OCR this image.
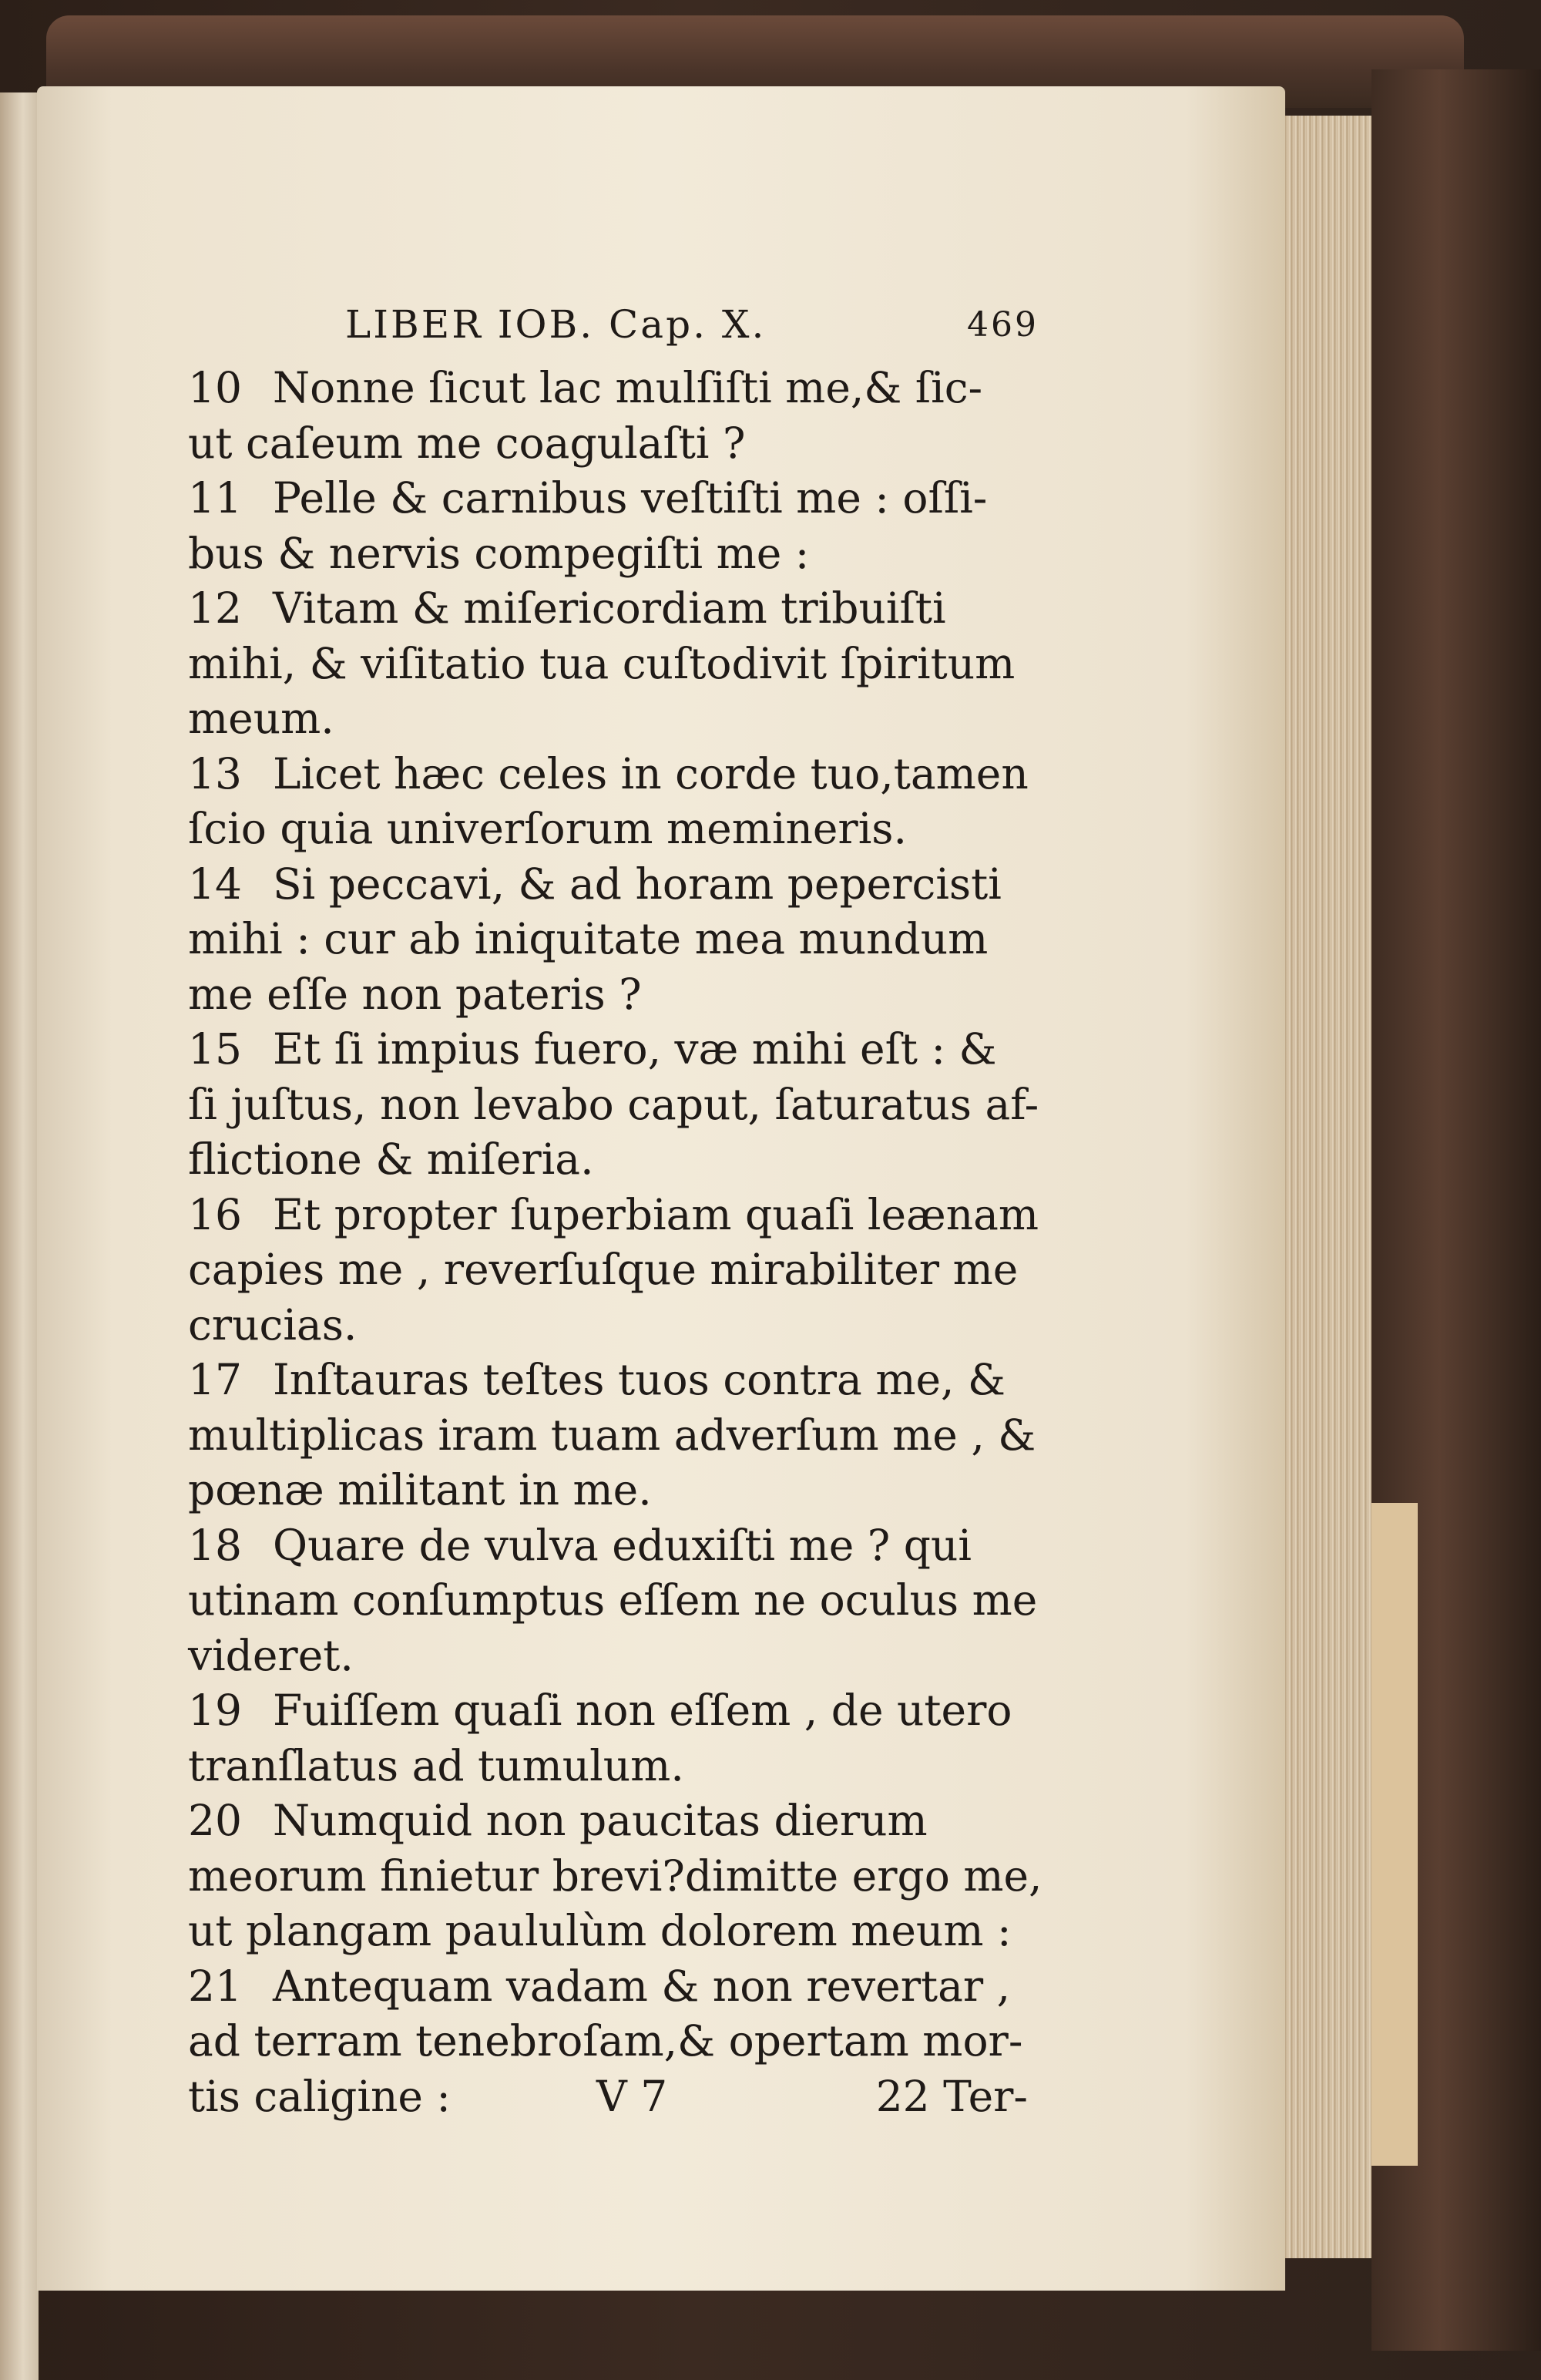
LIBER IOB. Cap. X.	469
10 Nonne ſicut lac mulſiſti me,& ſic-
ut caſeum me coagulaſti ?
11 Pelle & carnibus veſtiſti me : oſſi-
bus & nervis compegiſti me :
12 Vitam & miſericordiam tribuiſti
mihi, & viſitatio tua cuſtodivit ſpiritum
meum.
13 Licet hæc celes in corde tuo,tamen
ſcio quia univerſorum memineris.
14 Si peccavi, & ad horam pepercisti
mihi : cur ab iniquitate mea mundum
me eſſe non pateris ?
15 Et ſi impius fuero, væ mihi eſt : &
ſi juſtus, non levabo caput, ſaturatus af-
flictione & miſeria.
16 Et propter ſuperbiam quaſi leænam
capies me , reverſuſque mirabiliter me
crucias.
17 Inſtauras teſtes tuos contra me, &
multiplicas iram tuam adverſum me , &
pœnæ militant in me.
18 Quare de vulva eduxiſti me ? qui
utinam conſumptus eſſem ne oculus me
videret.
19 Fuiſſem quaſi non eſſem , de utero
tranſlatus ad tumulum.
20 Numquid non paucitas dierum
meorum finietur brevi?dimitte ergo me,
ut plangam paululùm dolorem meum :
21 Antequam vadam & non revertar ,
ad terram tenebroſam,& opertam mor-
tis caligine :	V 7	22 Ter-
